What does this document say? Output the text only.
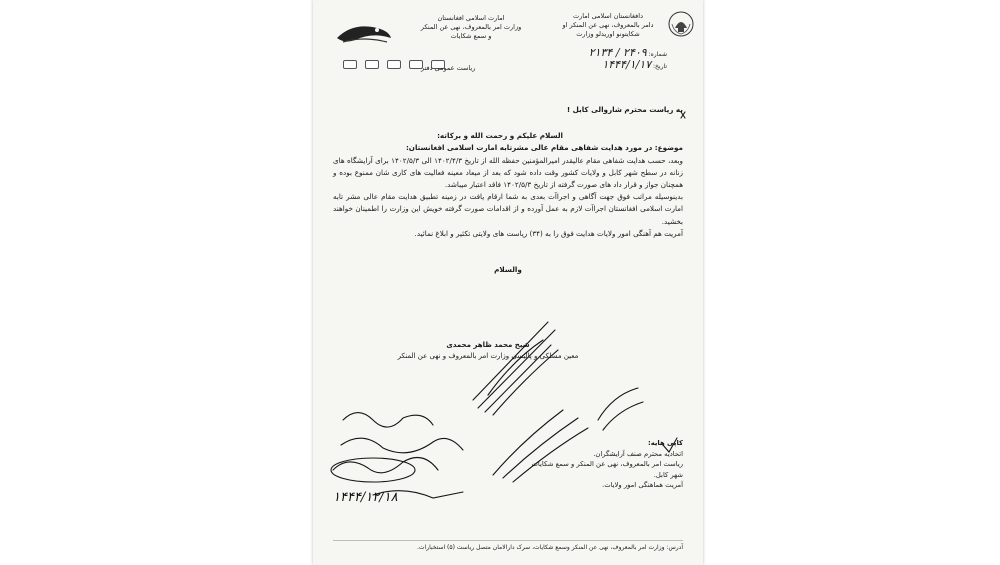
دافغانستان اسلامی امارت
دامر بالمعروف، نهی عن المنکر او
شکایتونو اوریدلو وزارت
امارت اسلامی افغانستان
وزارت امر بالمعروف، نهی عن المنکر
و سمع شکایات
شماره: ۲۴۰۹ / ۲۱۳۴
تاریخ: ۱۴۴۴/۱/۱۷
ریاست عمومی دفتر

به ریاست محترم شاروالی کابل !

السلام علیکم و رحمت الله و برکاته:

موضوع: در مورد هدایت شفاهی مقام عالی مشرتابه امارت اسلامی افغانستان:

وبعد، حسب هدایت شفاهی مقام عالیقدر امیرالمؤمنین حفظه الله از تاریخ ۱۴۰۲/۴/۳ الی ۱۴۰۲/۵/۳ برای آرایشگاه های زنانه در سطح شهر کابل و ولایات کشور وقت داده شود که بعد از میعاد معینه فعالیت های کاری شان ممنوع بوده و همچنان جواز و قرار داد های صورت گرفته از تاریخ ۱۴۰۲/۵/۳ فاقد اعتبار میباشد.

بدینوسیله مراتب فوق جهت آگاهی و اجراآت بعدی به شما ارقام یافت در زمینه تطبیق هدایت مقام عالی مشر تابه امارت اسلامی افغانستان اجراآت لازم به عمل آورده و از اقدامات صورت گرفته خویش این وزارت را اطمینان خواهند بخشید.

آمریت هم آهنگی امور ولایات هدایت فوق را به (۳۴) ریاست های ولایتی تکثیر و ابلاغ نمائید.

والسلام

شیخ محمد ظاهر محمدی
معین مسلکی و پالیسی وزارت امر بالمعروف و نهی عن المنکر
کاپی هایه:
اتحادیه محترم صنف آرایشگران.
ریاست امر بالمعروف، نهی عن المنکر و سمع شکایات شهر کابل.
آمریت هماهنگی امور ولایات.
۱۴۴۴/۱۲/۱۸
آدرس: وزارت امر بالمعروف، نهی عن المنکر وسمع شکایات، سرک دارالامان متصل ریاست (۵) استخبارات.
